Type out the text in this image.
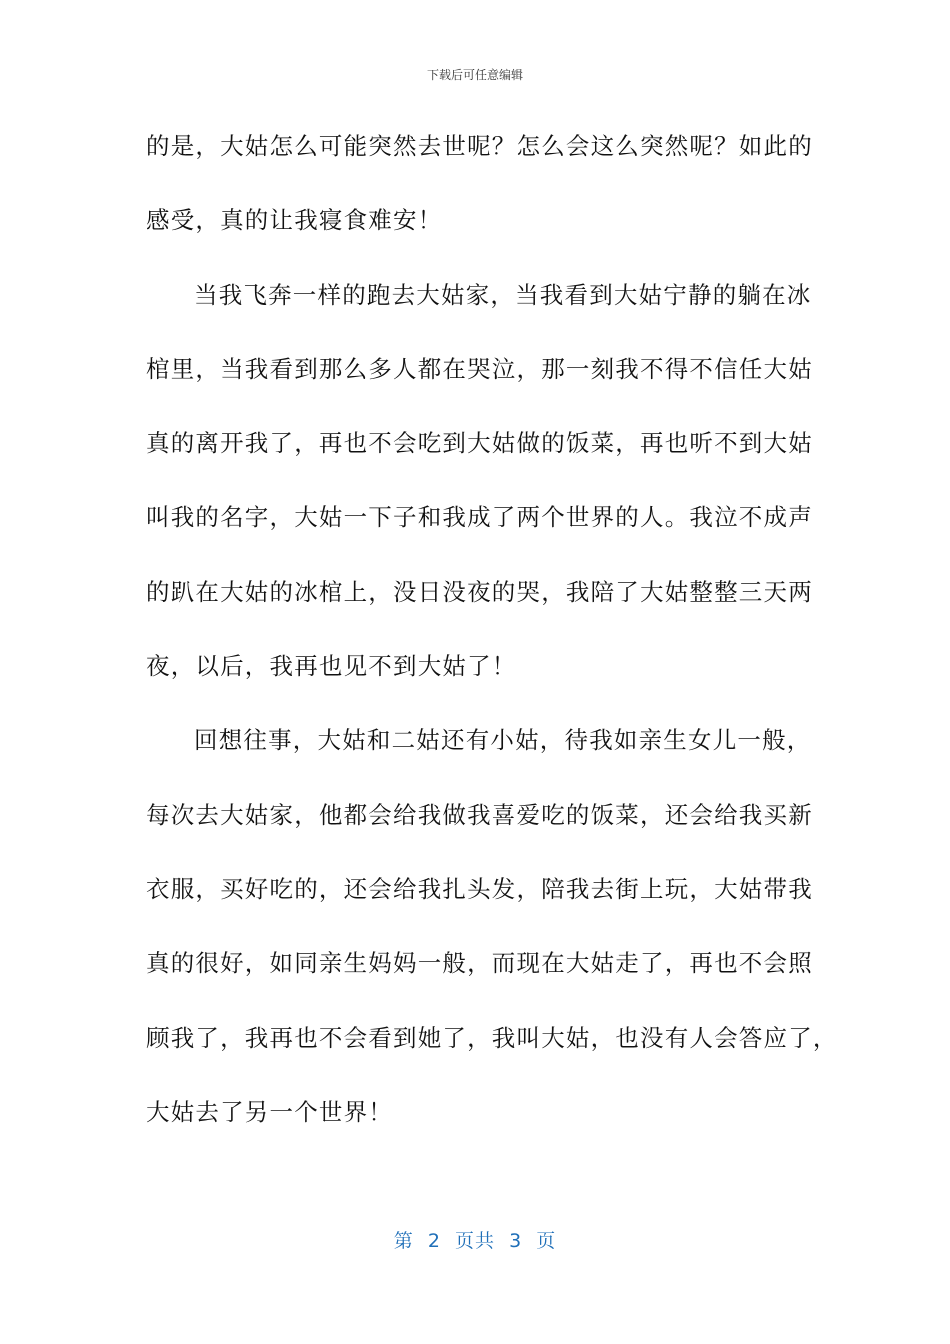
下载后可任意编辑
的是，大姑怎么可能突然去世呢？怎么会这么突然呢？如此的
感受，真的让我寝食难安！
当我飞奔一样的跑去大姑家，当我看到大姑宁静的躺在冰
棺里，当我看到那么多人都在哭泣，那一刻我不得不信任大姑
真的离开我了，再也不会吃到大姑做的饭菜，再也听不到大姑
叫我的名字，大姑一下子和我成了两个世界的人。我泣不成声
的趴在大姑的冰棺上，没日没夜的哭，我陪了大姑整整三天两
夜，以后，我再也见不到大姑了！
回想往事，大姑和二姑还有小姑，待我如亲生女儿一般，
每次去大姑家，他都会给我做我喜爱吃的饭菜，还会给我买新
衣服，买好吃的，还会给我扎头发，陪我去街上玩，大姑带我
真的很好，如同亲生妈妈一般，而现在大姑走了，再也不会照
顾我了，我再也不会看到她了，我叫大姑，也没有人会答应了，
大姑去了另一个世界！
第  2  页共  3  页
